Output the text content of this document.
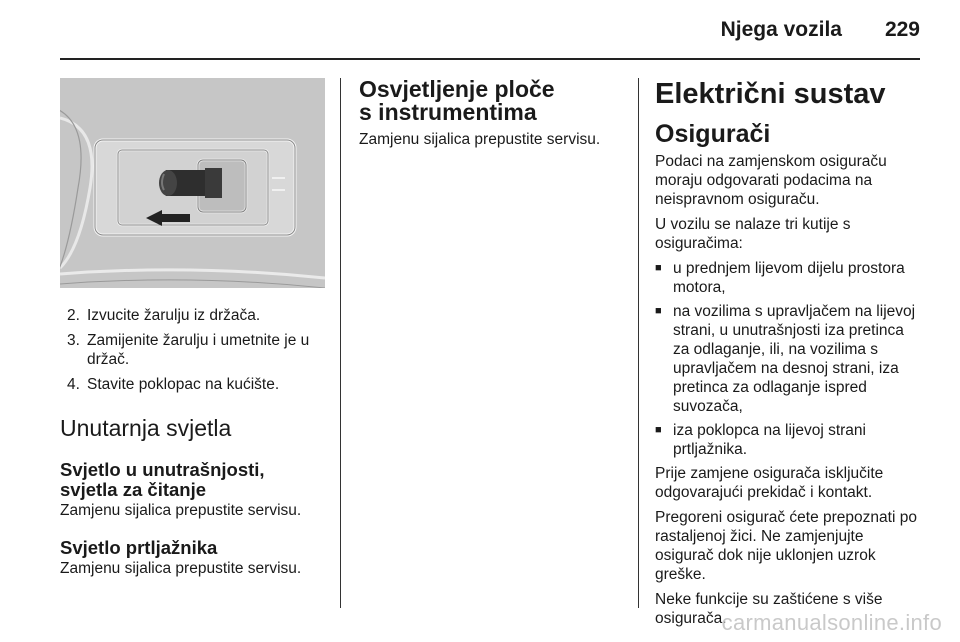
Njega vozila 229
2. Izvucite žarulju iz držača.
3. Zamijenite žarulju i umetnite je u držač.
4. Stavite poklopac na kućište.
Unutarnja svjetla
Svjetlo u unutrašnjosti, svjetla za čitanje

Zamjenu sijalica prepustite servisu.

Svjetlo prtljažnika

Zamjenu sijalica prepustite servisu.

Osvjetljenje ploče s instrumentima

Zamjenu sijalica prepustite servisu.

Električni sustav
Osigurači

Podaci na zamjenskom osiguraču moraju odgovarati podacima na neispravnom osiguraču.

U vozilu se nalaze tri kutije s osiguračima:

■ u prednjem lijevom dijelu prostora motora,
■ na vozilima s upravljačem na lijevoj strani, u unutrašnjosti iza pretinca za odlaganje, ili, na vozilima s upravljačem na desnoj strani, iza pretinca za odlaganje ispred suvozača,
■ iza poklopca na lijevoj strani prtljažnika.

Prije zamjene osigurača isključite odgovarajući prekidač i kontakt.

Pregoreni osigurač ćete prepoznati po rastaljenoj žici. Ne zamjenjujte osigurač dok nije uklonjen uzrok greške.

Neke funkcije su zaštićene s više osigurača.

carmanualsonline.info
